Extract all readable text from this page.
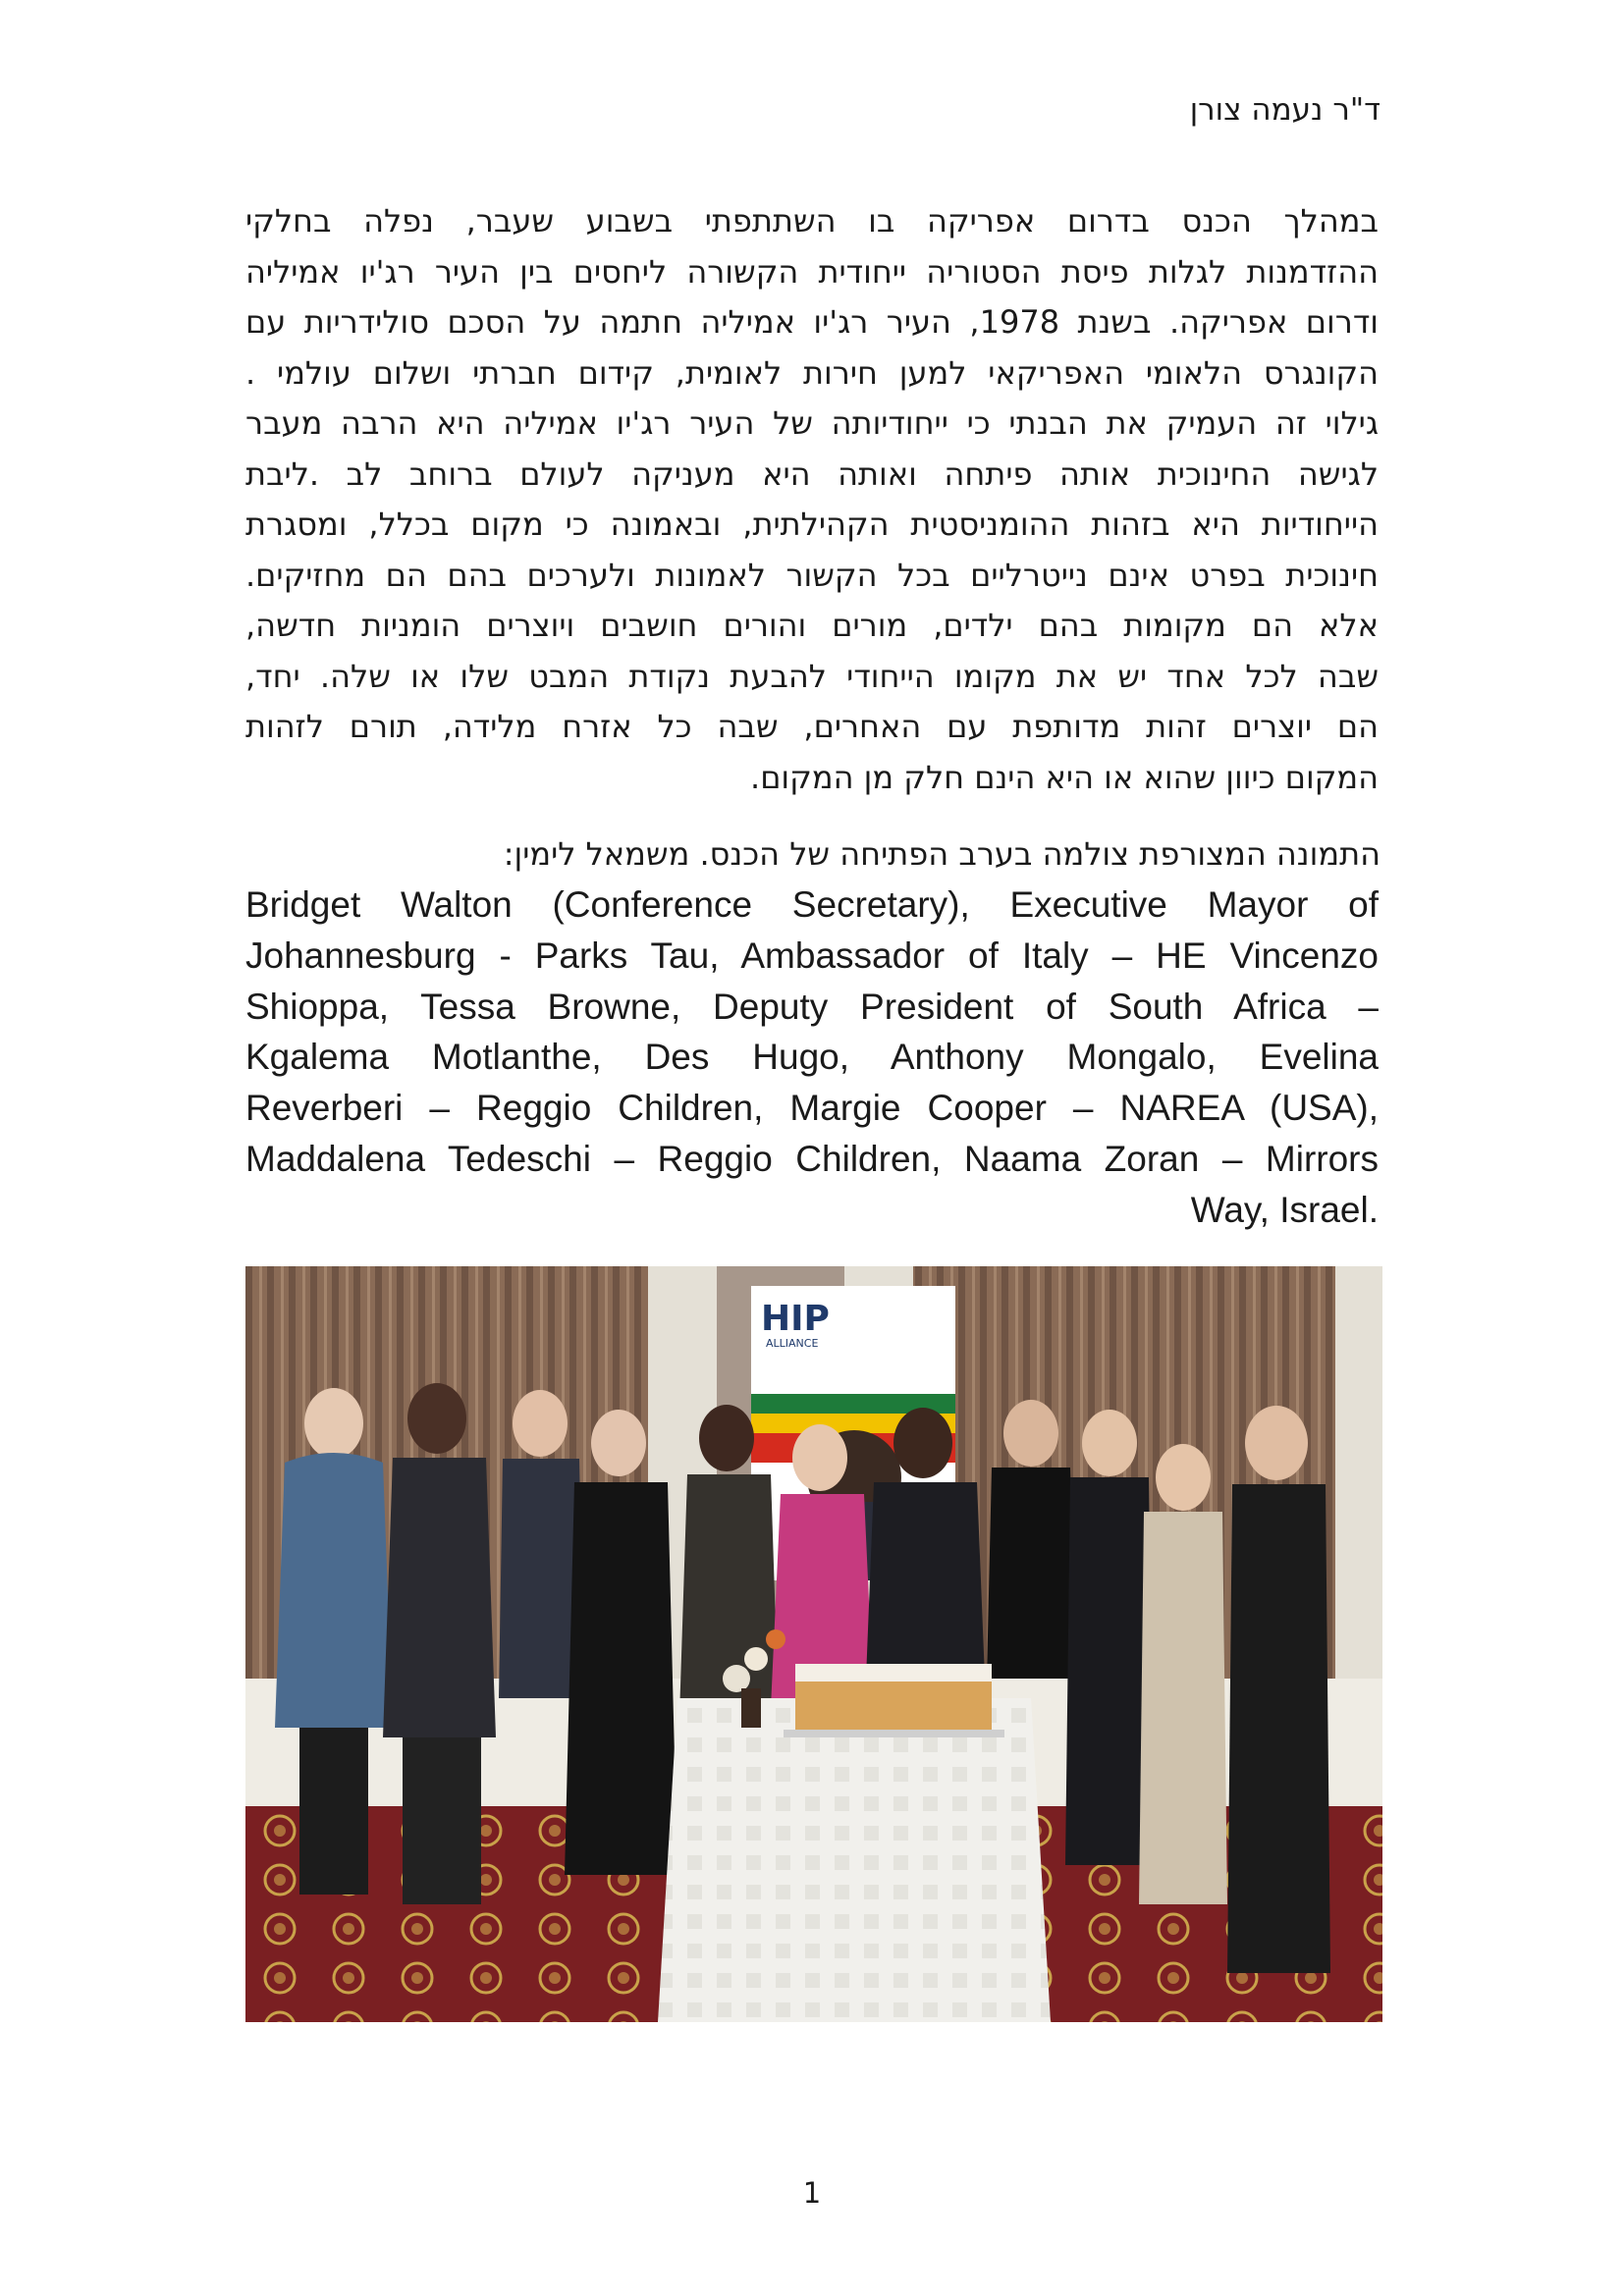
ד"ר נעמה צורן

במהלך הכנס בדרום אפריקה בו השתתפתי בשבוע שעבר, נפלה בחלקי
ההזדמנות לגלות פיסת הסטוריה ייחודית הקשורה ליחסים בין העיר רג'יו אמיליה
ודרום אפריקה. בשנת 1978, העיר רג'יו אמיליה חתמה על הסכם סולידריות עם
הקונגרס הלאומי האפריקאי למען חירות לאומית, קידום חברתי ושלום עולמי .
גילוי זה העמיק את הבנתי כי ייחודיותה של העיר רג'יו אמיליה היא הרבה מעבר
לגישה החינוכית אותה פיתחה ואותה היא מעניקה לעולם ברוחב לב .ליבת
הייחודיות היא בזהות ההומניסטית הקהילתית, ובאמונה כי מקום בכלל, ומסגרת
חינוכית בפרט אינם נייטרליים בכל הקשור לאמונות ולערכים בהם הם מחזיקים.
אלא הם מקומות בהם ילדים, מורים והורים חושבים ויוצרים הומניות חדשה,
שבה לכל אחד יש את מקומו הייחודי להבעת נקודת המבט שלו או שלה. יחד,
הם יוצרים זהות מדותפת עם האחרים, שבה כל אזרח מלידה, תורם לזהות
המקום כיוון שהוא או היא הינם חלק מן המקום.

התמונה המצורפת צולמה בערב הפתיחה של הכנס. משמאל לימין:

Bridget Walton (Conference Secretary), Executive Mayor of
Johannesburg - Parks Tau, Ambassador of Italy – HE Vincenzo
Shioppa, Tessa Browne, Deputy President of South Africa –
Kgalema Motlanthe, Des Hugo, Anthony Mongalo, Evelina
Reverberi – Reggio Children, Margie Cooper – NAREA (USA),
Maddalena Tedeschi – Reggio Children, Naama Zoran – Mirrors
Way, Israel.
HIP
ALLIANCE

1
